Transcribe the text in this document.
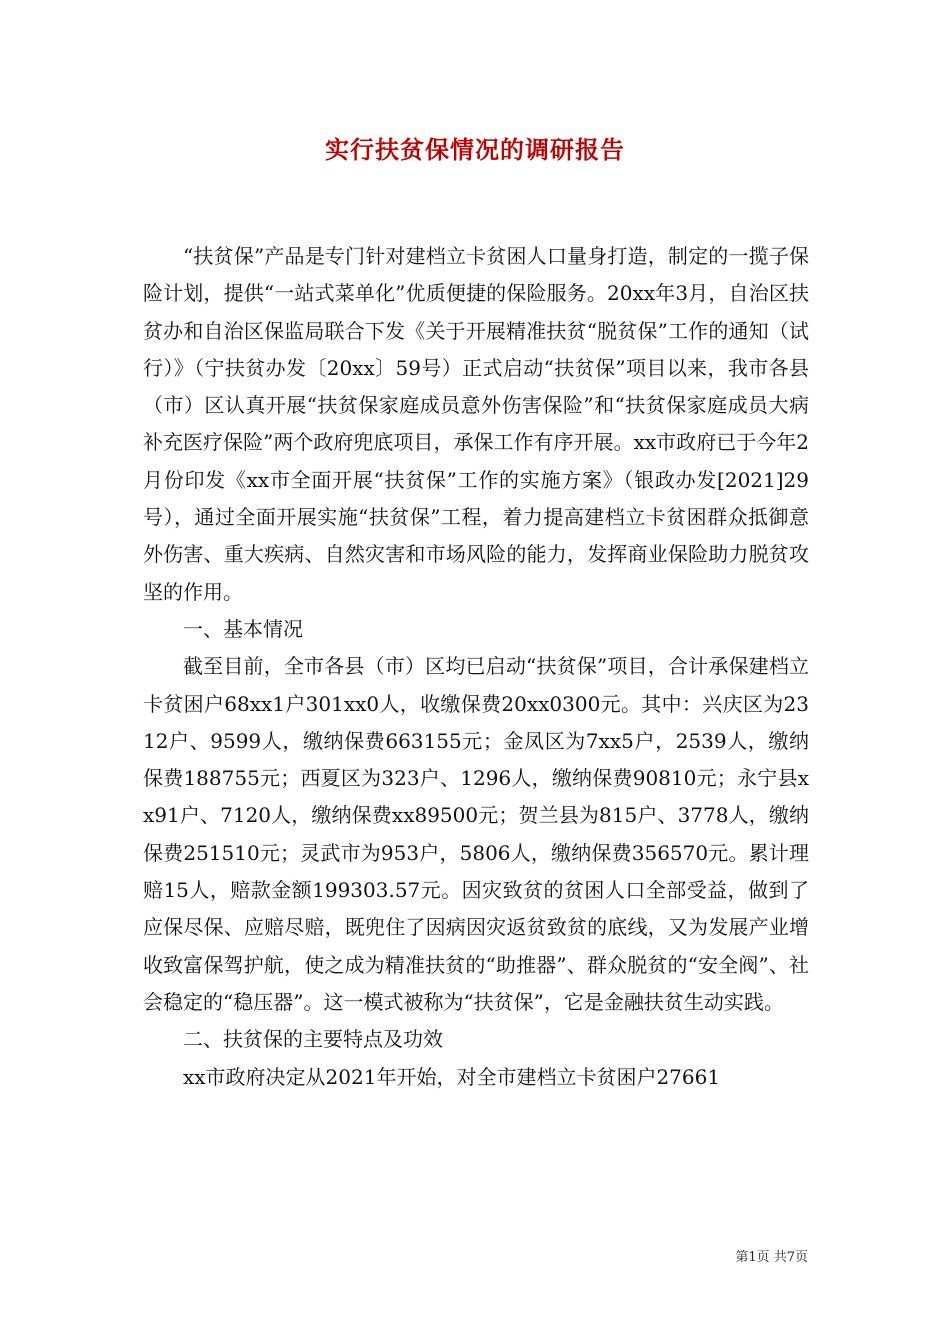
实行扶贫保情况的调研报告

“扶贫保”产品是专门针对建档立卡贫困人口量身打造，制定的一揽子保险计划，提供“一站式菜单化”优质便捷的保险服务。20xx年3月，自治区扶贫办和自治区保监局联合下发《关于开展精准扶贫“脱贫保”工作的通知（试行）》（宁扶贫办发〔20xx〕59号）正式启动“扶贫保”项目以来，我市各县（市）区认真开展“扶贫保家庭成员意外伤害保险”和“扶贫保家庭成员大病补充医疗保险”两个政府兜底项目，承保工作有序开展。xx市政府已于今年2月份印发《xx市全面开展“扶贫保”工作的实施方案》（银政办发[2021]29号），通过全面开展实施“扶贫保”工程，着力提高建档立卡贫困群众抵御意外伤害、重大疾病、自然灾害和市场风险的能力，发挥商业保险助力脱贫攻坚的作用。

一、基本情况

截至目前，全市各县（市）区均已启动“扶贫保”项目，合计承保建档立卡贫困户68xx1户301xx0人，收缴保费20xx0300元。其中：兴庆区为2312户、9599人，缴纳保费663155元；金凤区为7xx5户，2539人，缴纳保费188755元；西夏区为323户、1296人，缴纳保费90810元；永宁县xx91户、7120人，缴纳保费xx89500元；贺兰县为815户、3778人，缴纳保费251510元；灵武市为953户，5806人，缴纳保费356570元。累计理赔15人，赔款金额199303.57元。因灾致贫的贫困人口全部受益，做到了应保尽保、应赔尽赔，既兜住了因病因灾返贫致贫的底线，又为发展产业增收致富保驾护航，使之成为精准扶贫的“助推器”、群众脱贫的“安全阀”、社会稳定的“稳压器”。这一模式被称为“扶贫保”，它是金融扶贫生动实践。

二、扶贫保的主要特点及功效

xx市政府决定从2021年开始，对全市建档立卡贫困户27661

第1页 共7页
